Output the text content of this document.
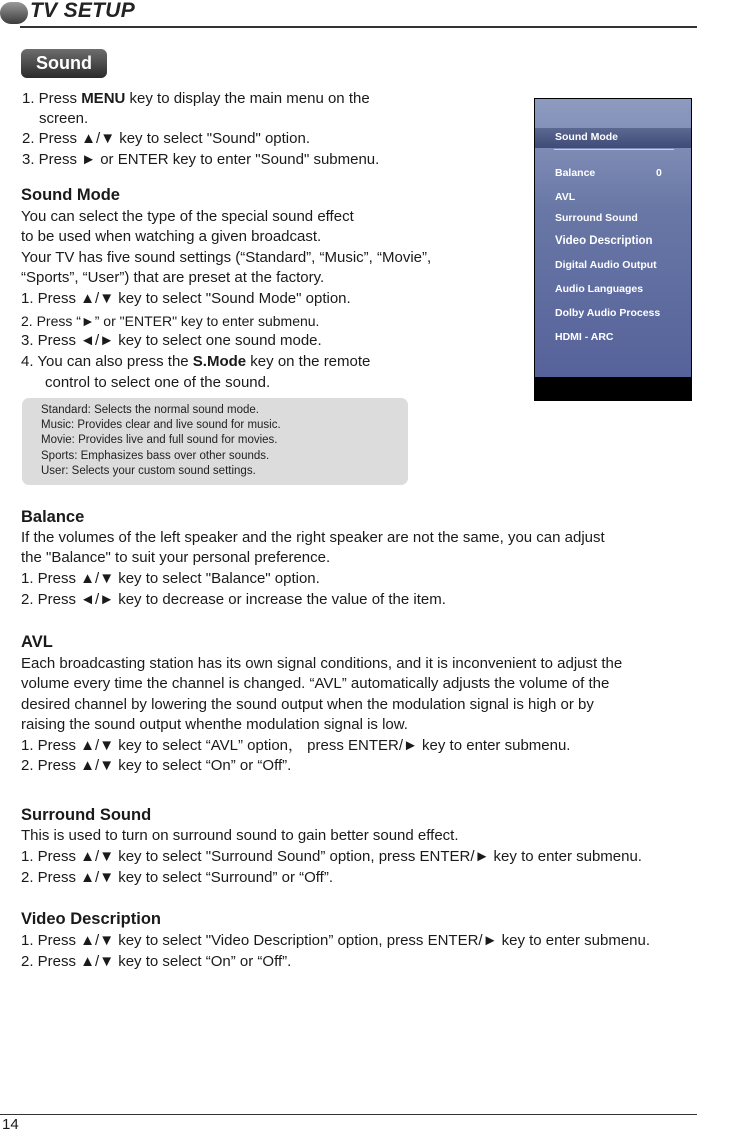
TV SETUP
Sound
1. Press MENU key to display the main menu on the
screen.
2. Press ▲/▼ key to select "Sound" option.
3. Press ► or ENTER key to enter "Sound" submenu.
Sound Mode
You can select the type of the special sound effect
to be used when watching a given broadcast.
Your TV has five sound settings (“Standard”, “Music”, “Movie”,
“Sports”, “User”) that are preset at the factory.
1. Press ▲/▼ key to select "Sound Mode" option.
2. Press “►” or "ENTER" key to enter submenu.
3. Press ◄/► key to select one sound mode.
4. You can also press the S.Mode key on the remote
control to select one of the sound.
Sound Mode
Balance	0
AVL
Surround Sound
Video Description
Digital Audio Output
Audio Languages
Dolby Audio Process
HDMI - ARC
Standard: Selects the normal sound mode.
Music: Provides clear and live sound for music.
Movie: Provides live and full sound for movies.
Sports: Emphasizes bass over other sounds.
User: Selects your custom sound settings.
Balance
If the volumes of the left speaker and the right speaker are not the same, you can adjust
the "Balance" to suit your personal preference.
1. Press ▲/▼ key to select "Balance" option.
2. Press ◄/► key to decrease or increase the value of the item.
AVL
Each broadcasting station has its own signal conditions, and it is inconvenient to adjust the
volume every time the channel is changed. “AVL” automatically adjusts the volume of the
desired channel by lowering the sound output when the modulation signal is high or by
raising the sound output whenthe modulation signal is low.
1. Press ▲/▼ key to select “AVL” option， press ENTER/► key to enter submenu.
2. Press ▲/▼ key to select “On” or “Off”.
Surround Sound
This is used to turn on surround sound to gain better sound effect.
1. Press ▲/▼ key to select "Surround Sound” option, press ENTER/► key to enter submenu.
2. Press ▲/▼ key to select “Surround” or “Off”.
Video Description
1. Press ▲/▼ key to select "Video Description” option, press ENTER/► key to enter submenu.
2. Press ▲/▼ key to select “On” or “Off”.
14
